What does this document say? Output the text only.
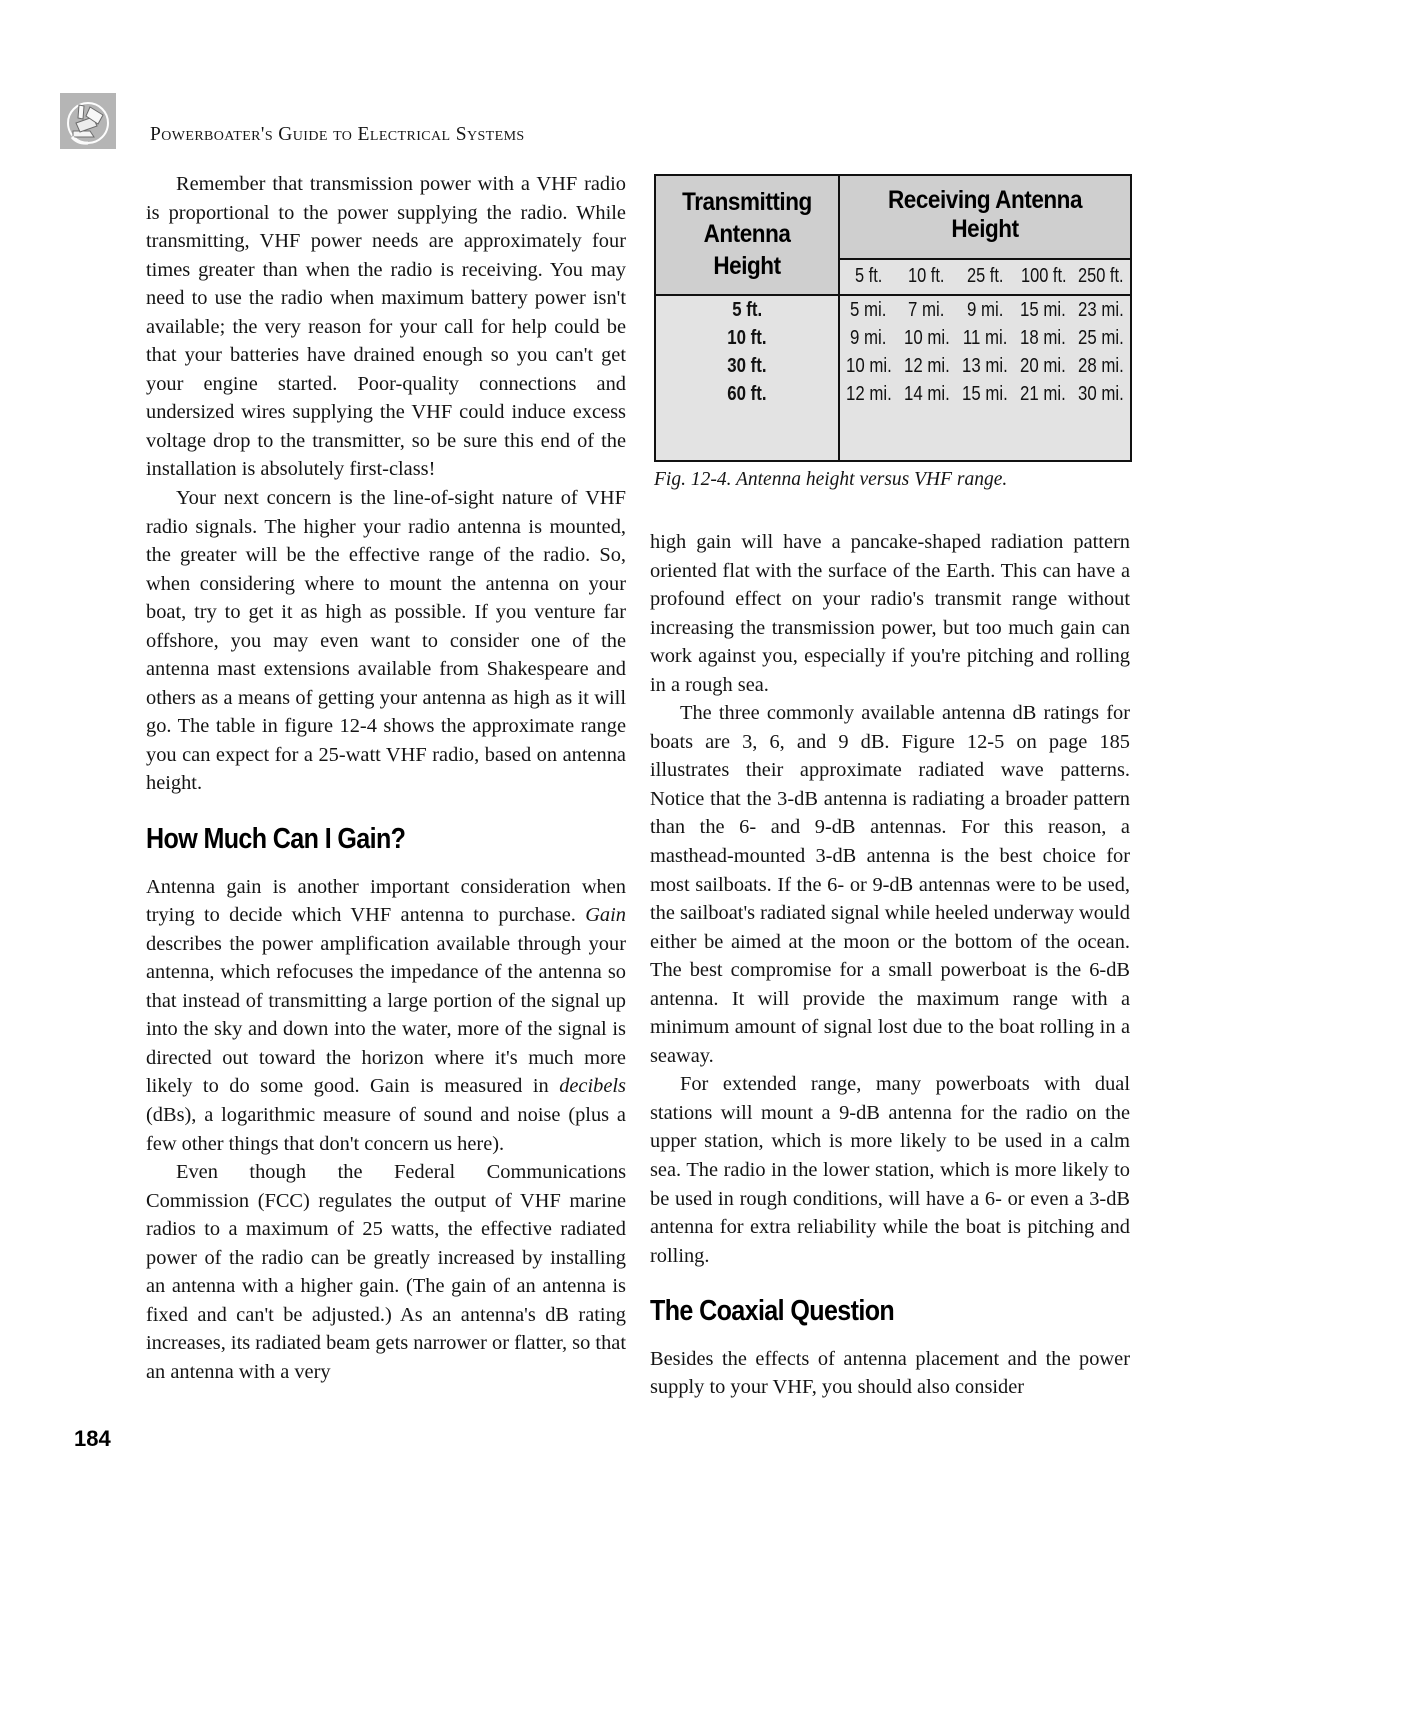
Powerboater's Guide to Electrical Systems
Transmitting
Antenna
Height	Receiving Antenna Height				
	5 ft.	10 ft.	25 ft.	100 ft.	250 ft.
5 ft.	5 mi.	7 mi.	9 mi.	15 mi.	23 mi.
10 ft.	9 mi.	10 mi.	11 mi.	18 mi.	25 mi.
30 ft.	10 mi.	12 mi.	13 mi.	20 mi.	28 mi.
60 ft.	12 mi.	14 mi.	15 mi.	21 mi.	30 mi.

Fig. 12-4. Antenna height versus VHF range.

Remember that transmission power with a VHF radio is proportional to the power supplying the radio. While transmitting, VHF power needs are approximately four times greater than when the radio is receiving. You may need to use the radio when maximum battery power isn't available; the very reason for your call for help could be that your batteries have drained enough so you can't get your engine started. Poor-quality connections and undersized wires supplying the VHF could induce excess voltage drop to the transmitter, so be sure this end of the installation is absolutely first-class!

Your next concern is the line-of-sight nature of VHF radio signals. The higher your radio antenna is mounted, the greater will be the effective range of the radio. So, when considering where to mount the antenna on your boat, try to get it as high as possible. If you venture far offshore, you may even want to consider one of the antenna mast extensions available from Shakespeare and others as a means of getting your antenna as high as it will go. The table in figure 12-4 shows the approximate range you can expect for a 25-watt VHF radio, based on antenna height.

How Much Can I Gain?

Antenna gain is another important consideration when trying to decide which VHF antenna to purchase. Gain describes the power amplification available through your antenna, which refocuses the impedance of the antenna so that instead of transmitting a large portion of the signal up into the sky and down into the water, more of the signal is directed out toward the horizon where it's much more likely to do some good. Gain is measured in decibels (dBs), a logarithmic measure of sound and noise (plus a few other things that don't concern us here).

Even though the Federal Communications Commission (FCC) regulates the output of VHF marine radios to a maximum of 25 watts, the effective radiated power of the radio can be greatly increased by installing an antenna with a higher gain. (The gain of an antenna is fixed and can't be adjusted.) As an antenna's dB rating increases, its radiated beam gets narrower or flatter, so that an antenna with a very

high gain will have a pancake-shaped radiation pattern oriented flat with the surface of the Earth. This can have a profound effect on your radio's transmit range without increasing the transmission power, but too much gain can work against you, especially if you're pitching and rolling in a rough sea.

The three commonly available antenna dB ratings for boats are 3, 6, and 9 dB. Figure 12-5 on page 185 illustrates their approximate radiated wave patterns. Notice that the 3-dB antenna is radiating a broader pattern than the 6- and 9-dB antennas. For this reason, a masthead-mounted 3-dB antenna is the best choice for most sailboats. If the 6- or 9-dB antennas were to be used, the sailboat's radiated signal while heeled underway would either be aimed at the moon or the bottom of the ocean. The best compromise for a small powerboat is the 6-dB antenna. It will provide the maximum range with a minimum amount of signal lost due to the boat rolling in a seaway.

For extended range, many powerboats with dual stations will mount a 9-dB antenna for the radio on the upper station, which is more likely to be used in a calm sea. The radio in the lower station, which is more likely to be used in rough conditions, will have a 6- or even a 3-dB antenna for extra reliability while the boat is pitching and rolling.

The Coaxial Question

Besides the effects of antenna placement and the power supply to your VHF, you should also consider

184
